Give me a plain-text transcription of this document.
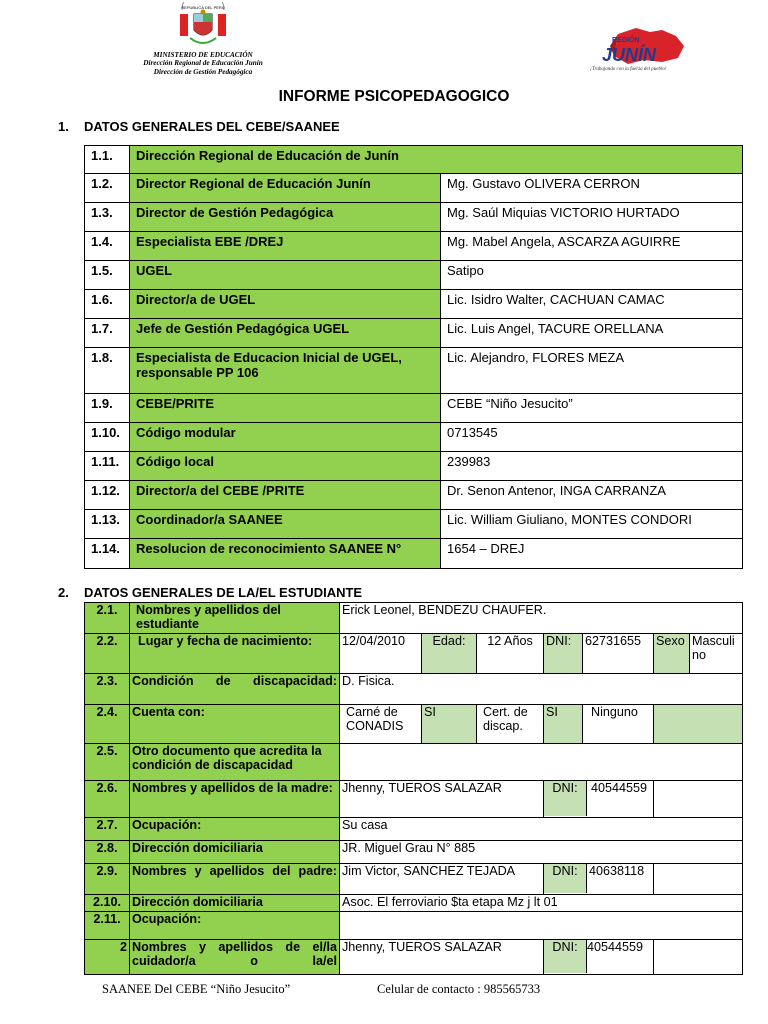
REPUBLICA DEL PERU
MINISTERIO DE EDUCACIÓN
Dirección Regional de Educación Junín
Dirección de Gestión Pedagógica
REGIÓN
JUNÍN
¡Trabajando con la fuerza del pueblo!
INFORME PSICOPEDAGOGICO
1. DATOS GENERALES DEL CEBE/SAANEE
1.1.	Dirección Regional de Educación de Junín	
1.2.	Director Regional de Educación Junín	Mg. Gustavo OLIVERA CERRON
1.3.	Director de Gestión Pedagógica	Mg. Saúl Miquias VICTORIO HURTADO
1.4.	Especialista EBE /DREJ	Mg. Mabel Angela, ASCARZA AGUIRRE
1.5.	UGEL	Satipo
1.6.	Director/a de UGEL	Lic. Isidro Walter, CACHUAN CAMAC
1.7.	Jefe de Gestión Pedagógica UGEL	Lic. Luis Angel, TACURE ORELLANA
1.8.	Especialista de Educacion Inicial de UGEL, responsable PP 106	Lic. Alejandro, FLORES MEZA
1.9.	CEBE/PRITE	CEBE “Niño Jesucito”
1.10.	Código modular	0713545
1.11.	Código local	239983
1.12.	Director/a del CEBE /PRITE	Dr. Senon Antenor, INGA CARRANZA
1.13.	Coordinador/a SAANEE	Lic. William Giuliano, MONTES CONDORI
1.14.	Resolucion de reconocimiento SAANEE N°	1654 – DREJ
2. DATOS GENERALES DE LA/EL ESTUDIANTE
2.1.	Nombres y apellidos del estudiante	Erick Leonel, BENDEZU CHAUFER.
2.2.	Lugar y fecha de nacimiento:	12/04/2010	Edad:	12 Años	DNI:	62731655	Sexo	Masculino
2.3.	Condición de discapacidad:	D. Fisica.
2.4.	Cuenta con:	Carné de CONADIS	SI	Cert. de discap.	SI	Ninguno	
2.5.	Otro documento que acredita la condición de discapacidad	
2.6.	Nombres y apellidos de la madre:	Jhenny, TUEROS SALAZAR		DNI:	40544559

2.7.	Ocupación:	Su casa
2.8.	Dirección domiciliaria	JR. Miguel Grau N° 885
2.9.	Nombres y apellidos del padre:	Jim Victor, SANCHEZ TEJADA		DNI:	40638118

2.10.	Dirección domiciliaria	Asoc. El ferroviario $ta etapa Mz j lt 01
2.11.	Ocupación:	
2	Nombres y apellidos de el/la cuidador/a o la/el	Jhenny, TUEROS SALAZAR		DNI:	40544559

SAANEE Del CEBE “Niño Jesucito”	Celular de contacto : 985565733
